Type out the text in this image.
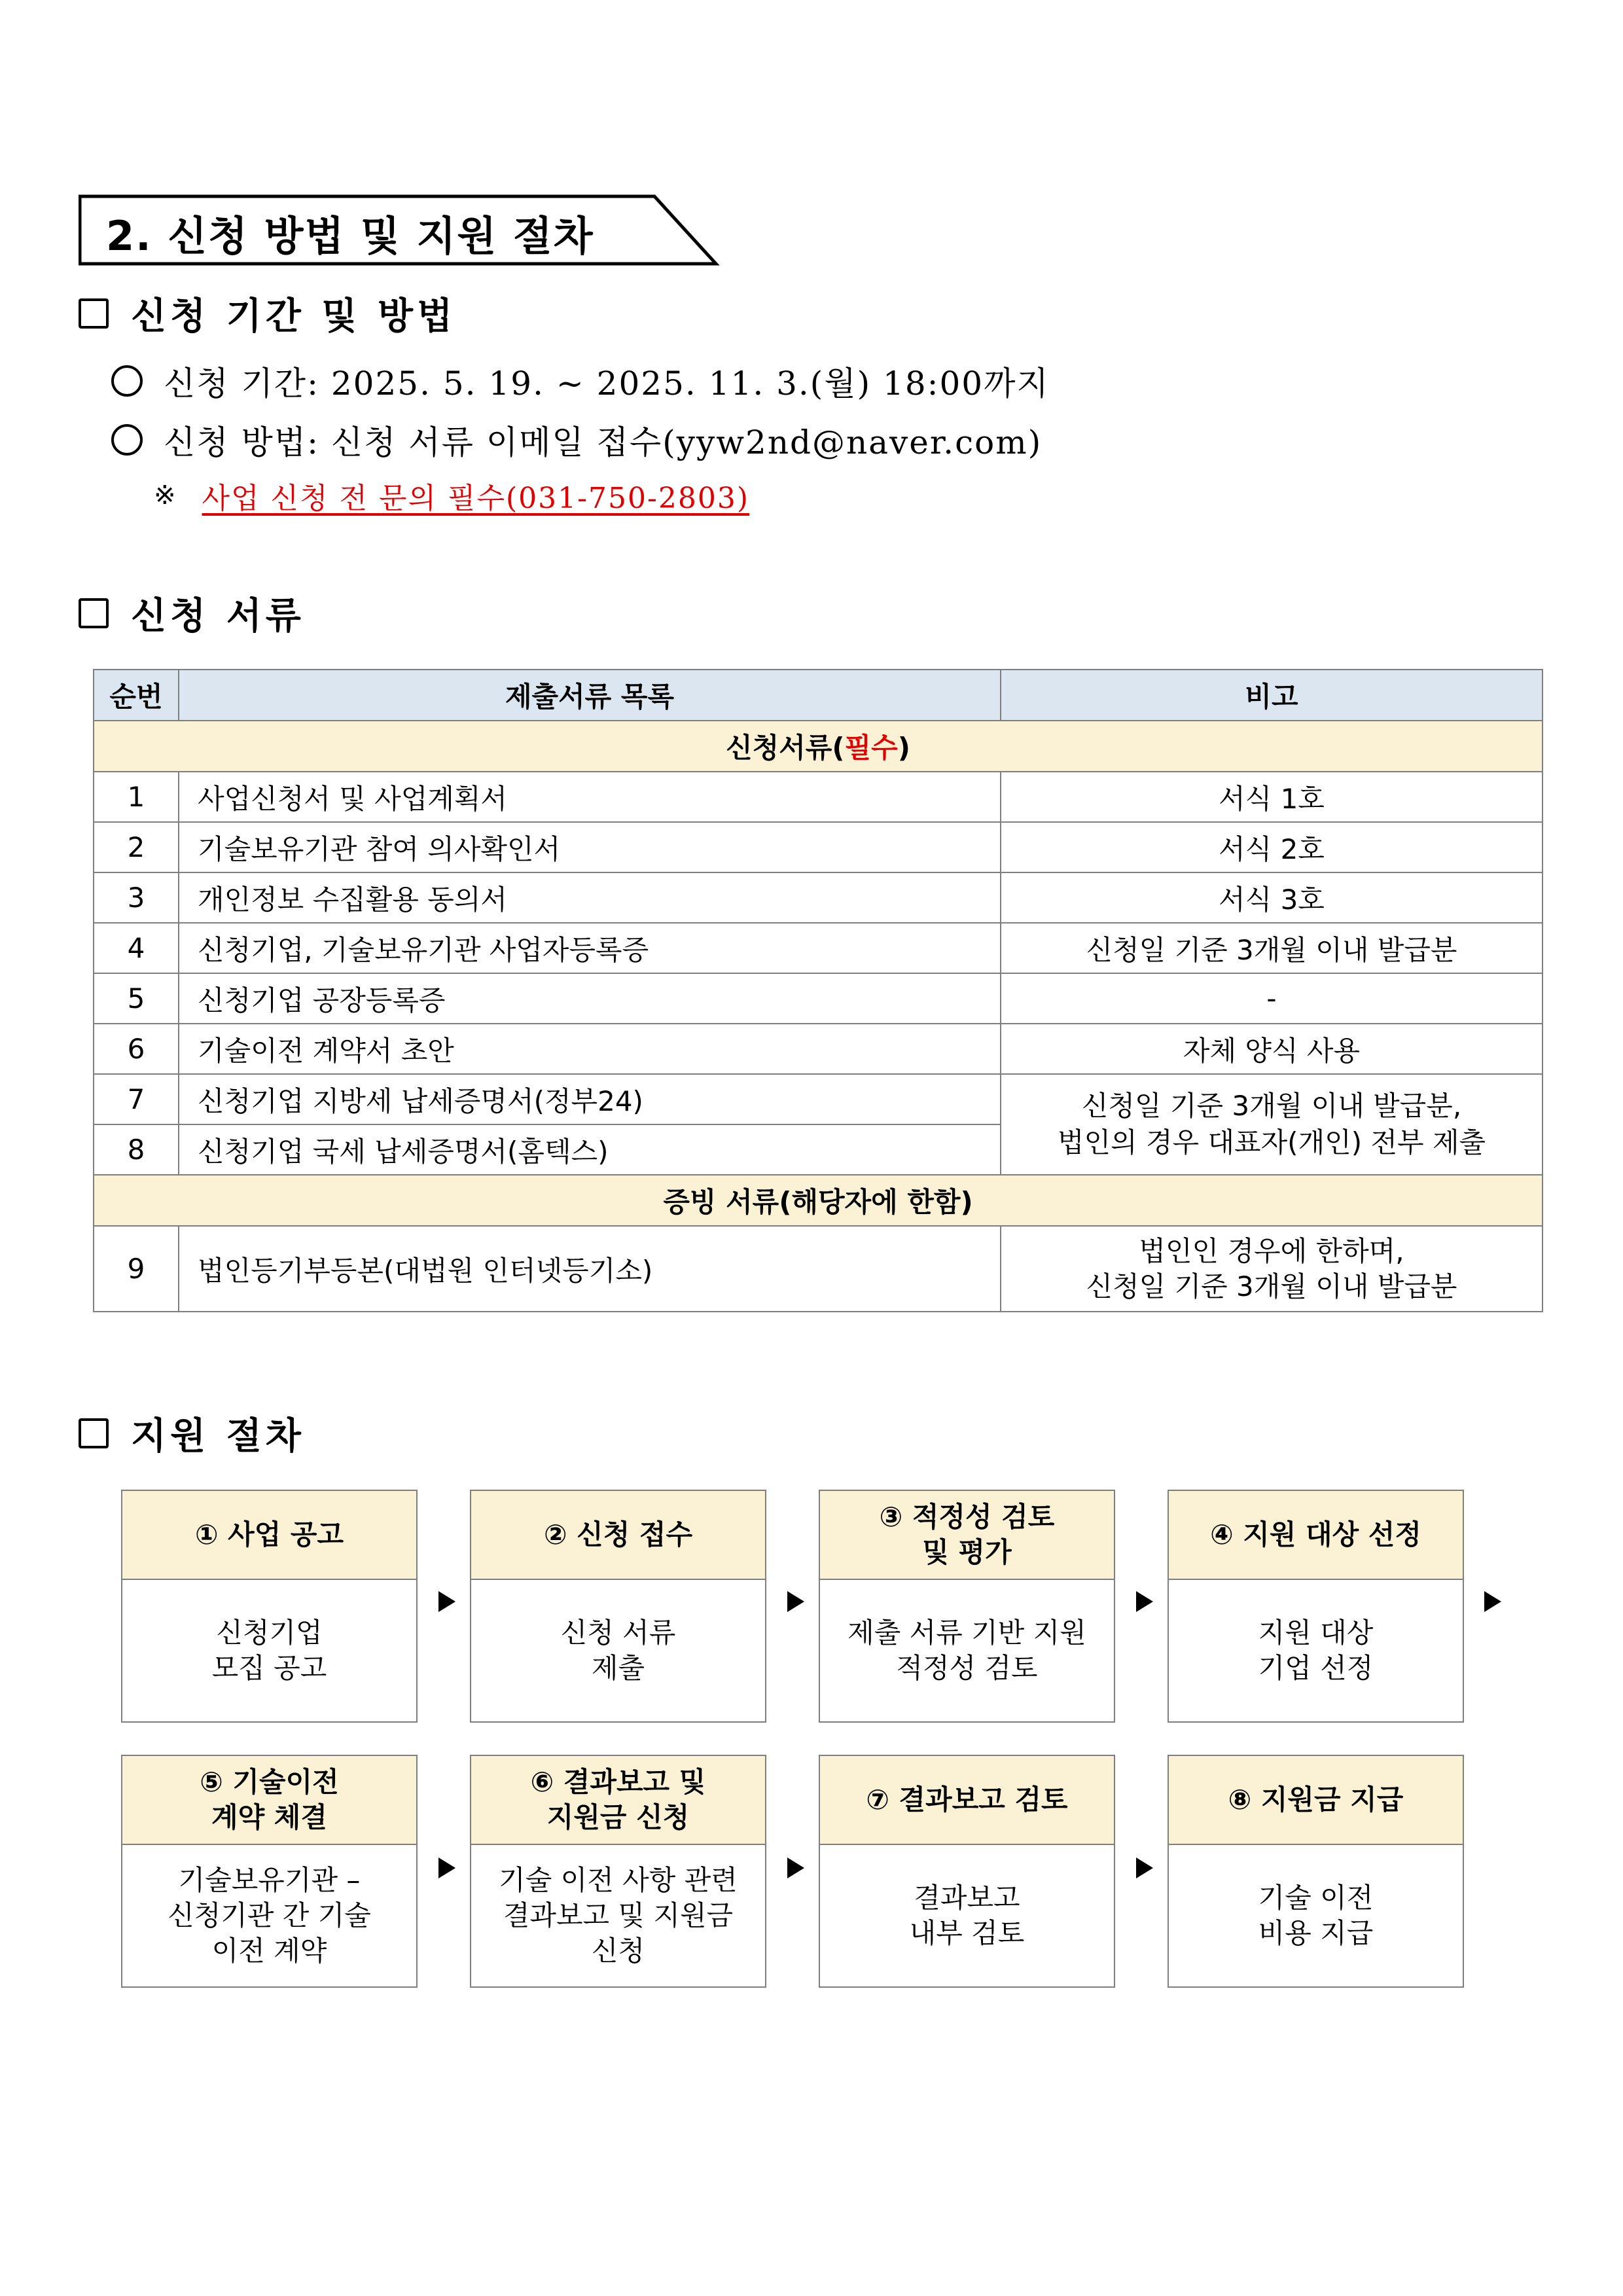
2. 신청 방법 및 지원 절차
신청 기간 및 방법
신청 기간: 2025. 5. 19. ~ 2025. 11. 3.(월) 18:00까지
신청 방법: 신청 서류 이메일 접수(yyw2nd@naver.com)
※ 사업 신청 전 문의 필수(031-750-2803)
신청 서류
순번	제출서류 목록	비고
신청서류(필수)		
1	사업신청서 및 사업계획서	서식 1호
2	기술보유기관 참여 의사확인서	서식 2호
3	개인정보 수집활용 동의서	서식 3호
4	신청기업, 기술보유기관 사업자등록증	신청일 기준 3개월 이내 발급분
5	신청기업 공장등록증	-
6	기술이전 계약서 초안	자체 양식 사용
7	신청기업 지방세 납세증명서(정부24)	신청일 기준 3개월 이내 발급분,
법인의 경우 대표자(개인) 전부 제출

8	신청기업 국세 납세증명서(홈텍스)	
증빙 서류(해당자에 한함)		
9	법인등기부등본(대법원 인터넷등기소)	법인인 경우에 한하며,
신청일 기준 3개월 이내 발급분
지원 절차
① 사업 공고
신청기업
모집 공고
② 신청 접수
신청 서류
제출
③ 적정성 검토
및 평가
제출 서류 기반 지원
적정성 검토
④ 지원 대상 선정
지원 대상
기업 선정
⑤ 기술이전
계약 체결
기술보유기관 –
신청기관 간 기술
이전 계약
⑥ 결과보고 및
지원금 신청
기술 이전 사항 관련
결과보고 및 지원금
신청
⑦ 결과보고 검토
결과보고
내부 검토
⑧ 지원금 지급
기술 이전
비용 지급
